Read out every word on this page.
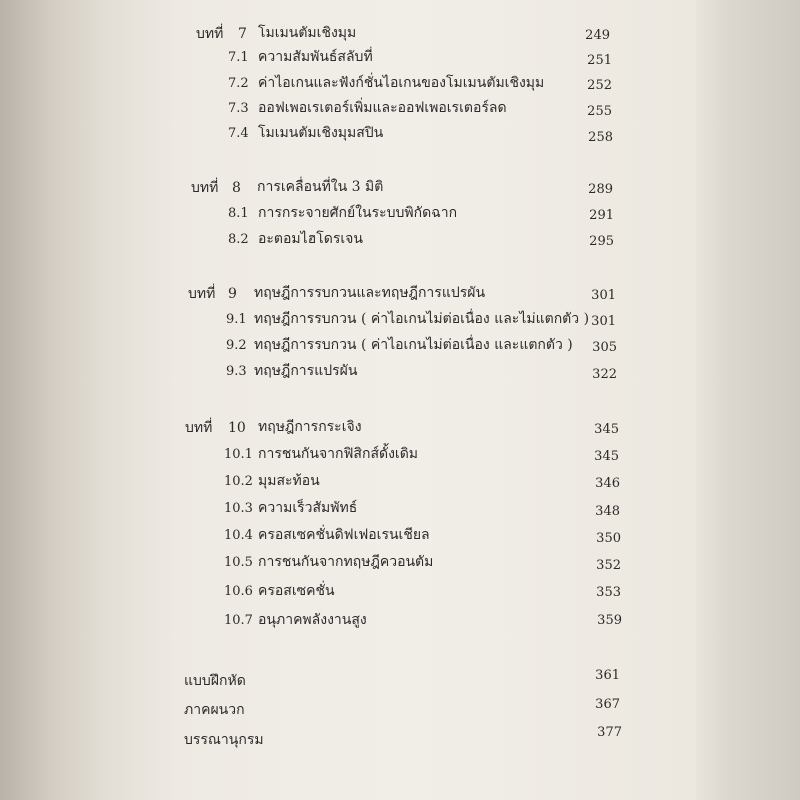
บทที่ 7 โมเมนตัมเชิงมุม	249
7.1 ความสัมพันธ์สลับที่	251
7.2 ค่าไอเกนและฟังก์ชั่นไอเกนของโมเมนตัมเชิงมุม	252
7.3 ออฟเพอเรเตอร์เพิ่มและออฟเพอเรเตอร์ลด	255
7.4 โมเมนตัมเชิงมุมสปิน	258
บทที่ 8 การเคลื่อนที่ใน 3 มิติ	289
8.1 การกระจายศักย์ในระบบพิกัดฉาก	291
8.2 อะตอมไฮโดรเจน	295
บทที่ 9 ทฤษฎีการรบกวนและทฤษฎีการแปรผัน	301
9.1 ทฤษฎีการรบกวน ( ค่าไอเกนไม่ต่อเนื่อง และไม่แตกตัว ) 301
9.2 ทฤษฎีการรบกวน ( ค่าไอเกนไม่ต่อเนื่อง และแตกตัว )	305
9.3 ทฤษฎีการแปรผัน	322
บทที่ 10 ทฤษฎีการกระเจิง	345
10.1 การชนกันจากฟิสิกส์ดั้งเดิม	345
10.2 มุมสะท้อน	346
10.3 ความเร็วสัมพัทธ์	348
10.4 ครอสเซคชั่นดิฟเฟอเรนเชียล	350
10.5 การชนกันจากทฤษฎีควอนตัม	352
10.6 ครอสเซคชั่น	353
10.7 อนุภาคพลังงานสูง	359
แบบฝึกหัด	361
ภาคผนวก	367
บรรณานุกรม	377
